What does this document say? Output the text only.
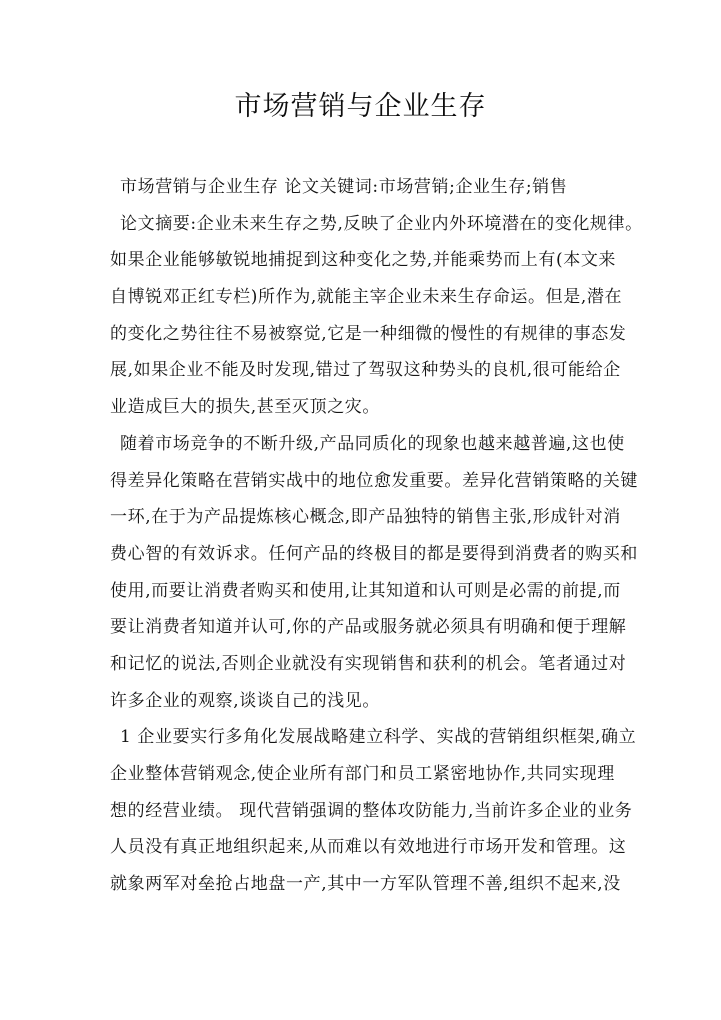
市场营销与企业生存
市场营销与企业生存 论文关键词:市场营销;企业生存;销售
论文摘要:企业未来生存之势,反映了企业内外环境潜在的变化规律。
如果企业能够敏锐地捕捉到这种变化之势,并能乘势而上有(本文来
自博锐邓正红专栏)所作为,就能主宰企业未来生存命运。但是,潜在
的变化之势往往不易被察觉,它是一种细微的慢性的有规律的事态发
展,如果企业不能及时发现,错过了驾驭这种势头的良机,很可能给企
业造成巨大的损失,甚至灭顶之灾。
随着市场竞争的不断升级,产品同质化的现象也越来越普遍,这也使
得差异化策略在营销实战中的地位愈发重要。差异化营销策略的关键
一环,在于为产品提炼核心概念,即产品独特的销售主张,形成针对消
费心智的有效诉求。任何产品的终极目的都是要得到消费者的购买和
使用,而要让消费者购买和使用,让其知道和认可则是必需的前提,而
要让消费者知道并认可,你的产品或服务就必须具有明确和便于理解
和记忆的说法,否则企业就没有实现销售和获利的机会。笔者通过对
许多企业的观察,谈谈自己的浅见。
1 企业要实行多角化发展战略建立科学、实战的营销组织框架,确立
企业整体营销观念,使企业所有部门和员工紧密地协作,共同实现理
想的经营业绩。 现代营销强调的整体攻防能力,当前许多企业的业务
人员没有真正地组织起来,从而难以有效地进行市场开发和管理。这
就象两军对垒抢占地盘一产,其中一方军队管理不善,组织不起来,没
